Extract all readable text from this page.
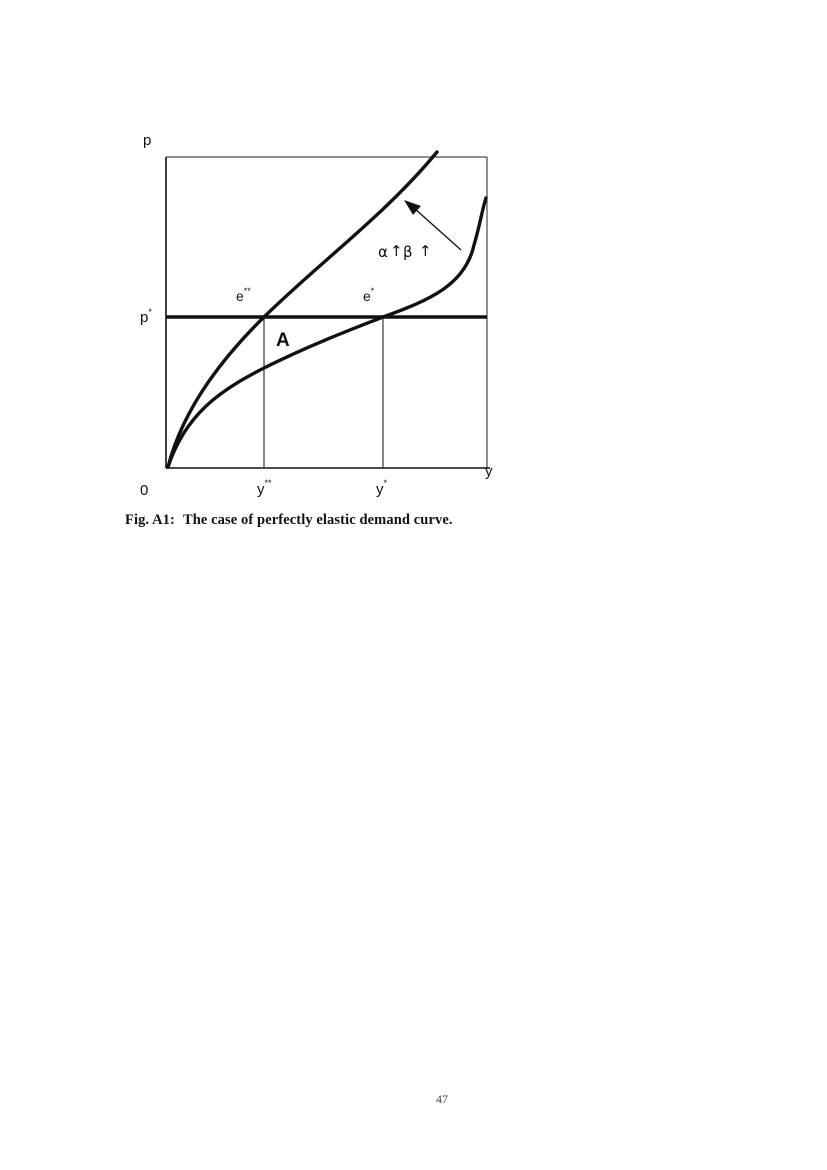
p
y
0
p*
e**	e*
A
y**	y*
α ↑ β ↑
Fig. A1: The case of perfectly elastic demand curve.
47
